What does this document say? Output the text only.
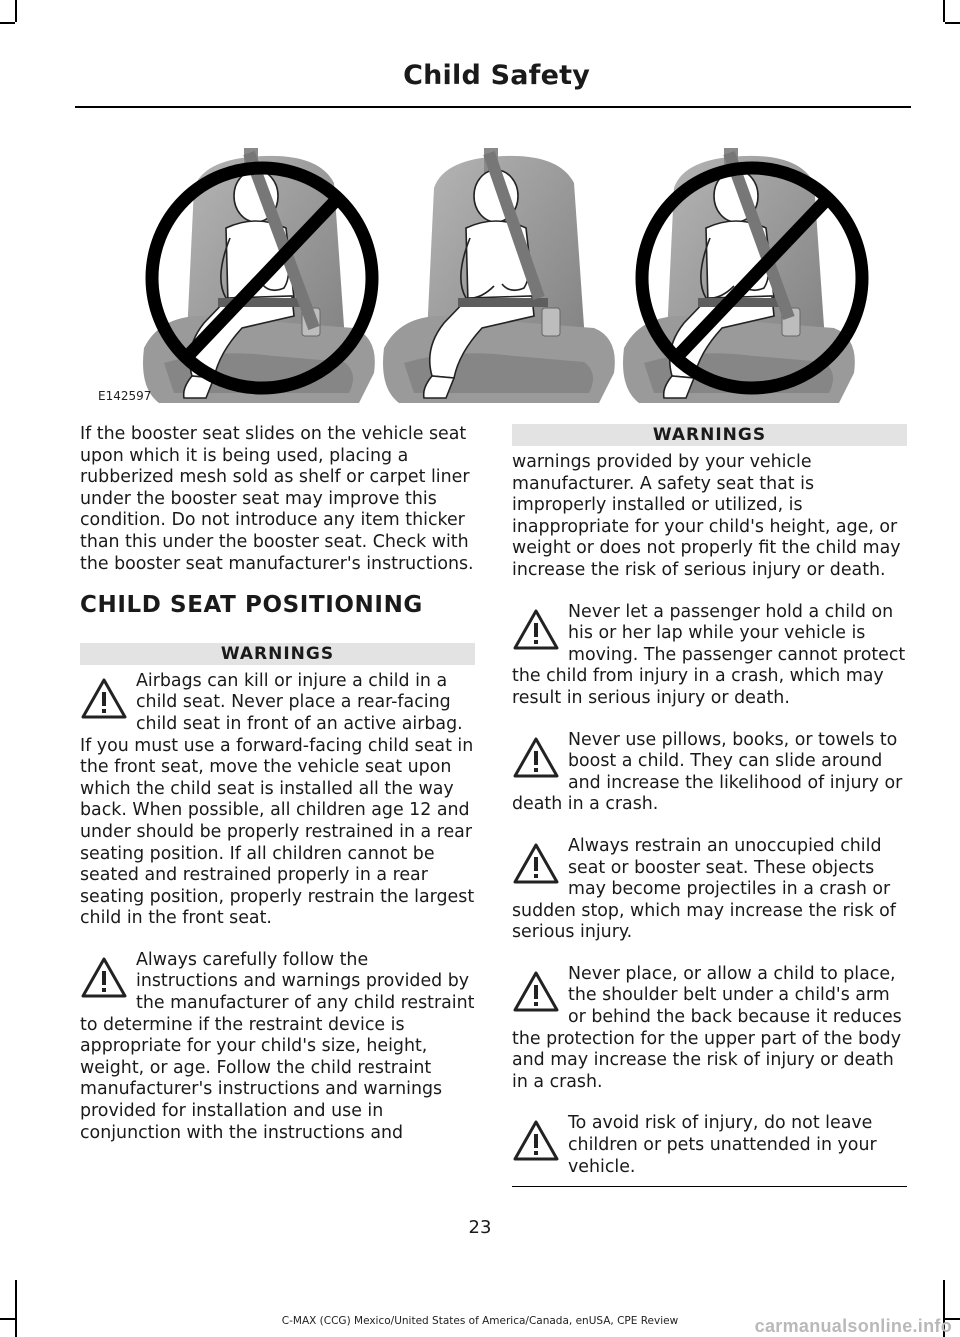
Child Safety
E142597

If the booster seat slides on the vehicle seat upon which it is being used, placing a rubberized mesh sold as shelf or carpet liner under the booster seat may improve this condition. Do not introduce any item thicker than this under the booster seat. Check with the booster seat manufacturer's instructions.

CHILD SEAT POSITIONING
WARNINGS

Airbags can kill or injure a child in a child seat. Never place a rear-facing child seat in front of an active airbag. If you must use a forward-facing child seat in the front seat, move the vehicle seat upon which the child seat is installed all the way back. When possible, all children age 12 and under should be properly restrained in a rear seating position. If all children cannot be seated and restrained properly in a rear seating position, properly restrain the largest child in the front seat.

Always carefully follow the instructions and warnings provided by the manufacturer of any child restraint to determine if the restraint device is appropriate for your child's size, height, weight, or age. Follow the child restraint manufacturer's instructions and warnings provided for installation and use in conjunction with the instructions and

WARNINGS

warnings provided by your vehicle manufacturer. A safety seat that is improperly installed or utilized, is inappropriate for your child's height, age, or weight or does not properly fit the child may increase the risk of serious injury or death.

Never let a passenger hold a child on his or her lap while your vehicle is moving. The passenger cannot protect the child from injury in a crash, which may result in serious injury or death.

Never use pillows, books, or towels to boost a child. They can slide around and increase the likelihood of injury or death in a crash.

Always restrain an unoccupied child seat or booster seat. These objects may become projectiles in a crash or sudden stop, which may increase the risk of serious injury.

Never place, or allow a child to place, the shoulder belt under a child's arm or behind the back because it reduces the protection for the upper part of the body and may increase the risk of injury or death in a crash.

To avoid risk of injury, do not leave children or pets unattended in your vehicle.

23
C-MAX (CCG) Mexico/United States of America/Canada, enUSA, CPE Review	carmanualsonline.info
